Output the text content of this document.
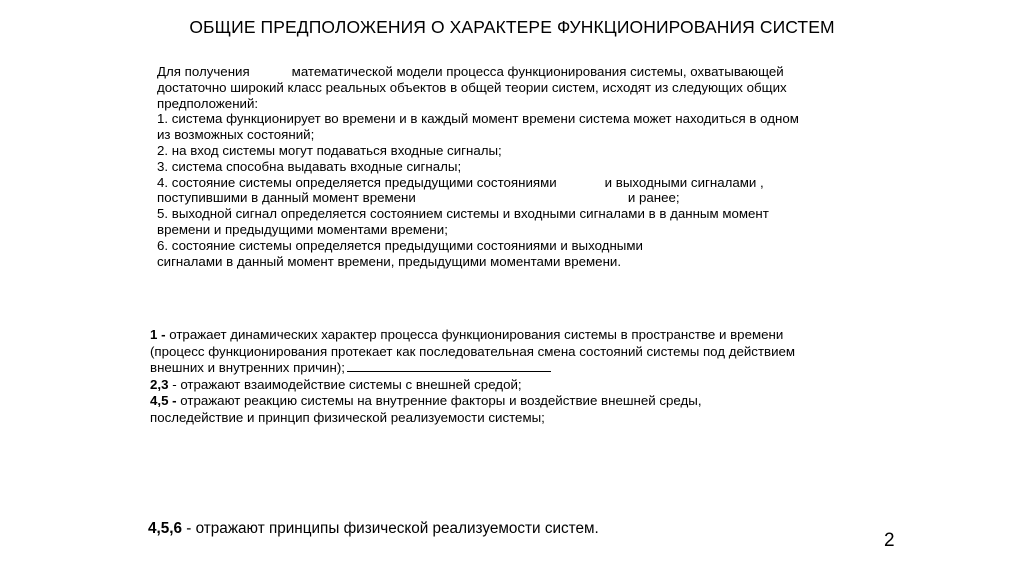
ОБЩИЕ ПРЕДПОЛОЖЕНИЯ О ХАРАКТЕРЕ ФУНКЦИОНИРОВАНИЯ СИСТЕМ
Для получения	математической модели процесса функционирования системы, охватывающей
достаточно широкий класс реальных объектов в общей теории систем, исходят из следующих общих
предположений:
1. система функционирует во времени и в каждый момент времени система может находиться в одном
из возможных состояний;
2. на вход системы могут подаваться входные сигналы;
3. система способна выдавать входные сигналы;
4. состояние системы определяется предыдущими состояниями	и выходными сигналами ,
поступившими в данный момент времени	и ранее;
5. выходной сигнал определяется состоянием системы и входными сигналами в в данным момент
времени и предыдущими моментами времени;
6. состояние системы определяется предыдущими состояниями и выходными
сигналами в данный момент времени, предыдущими моментами времени.
1 - отражает динамических характер процесса функционирования системы в пространстве и времени
(процесс функционирования протекает как последовательная смена состояний системы под действием
внешних и внутренних причин);
2,3 - отражают взаимодействие системы с внешней средой;
4,5 - отражают реакцию системы на внутренние факторы и воздействие внешней среды,
последействие и принцип физической реализуемости системы;
4,5,6 - отражают принципы физической реализуемости систем.
2
